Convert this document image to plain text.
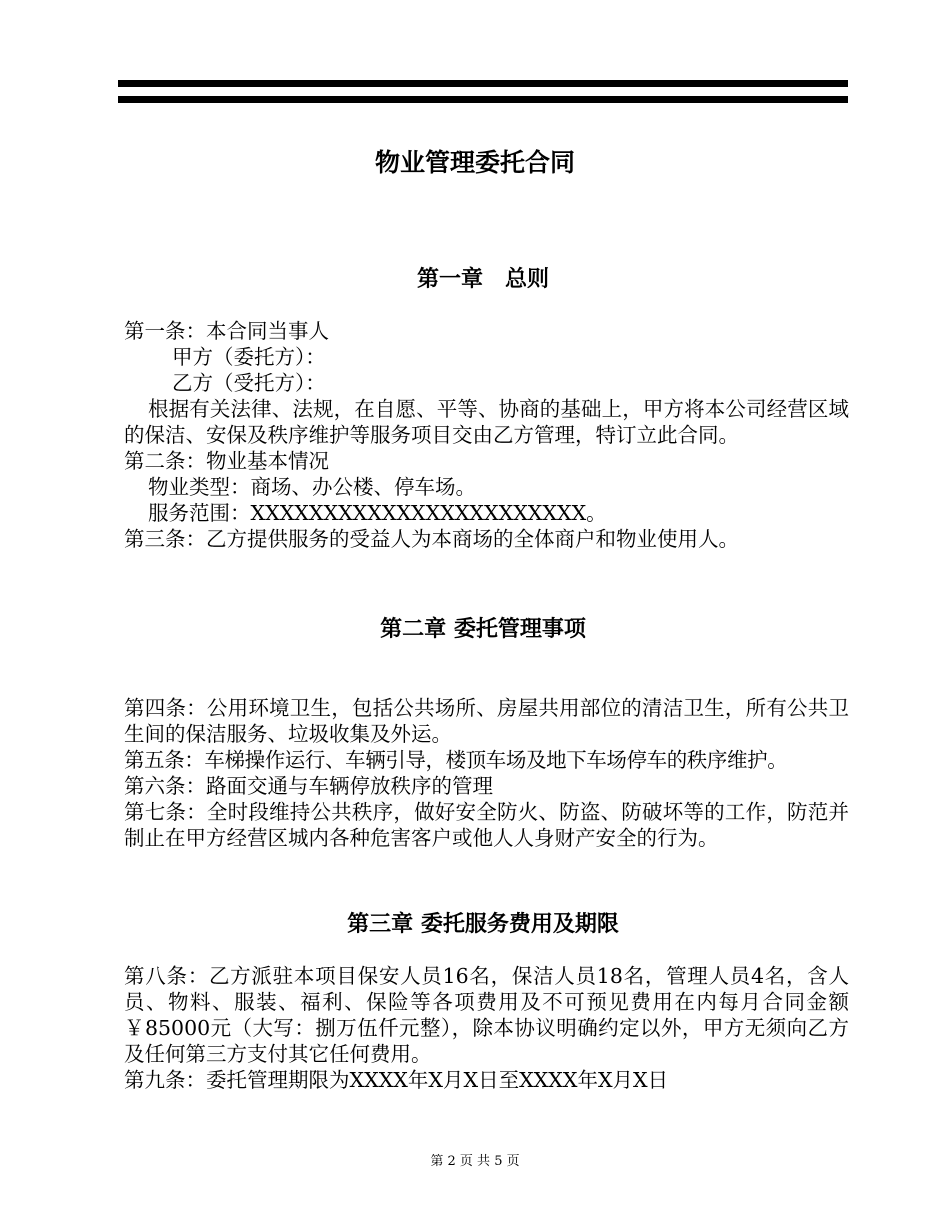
物业管理委托合同
第一章　总则

第一条：本合同当事人

甲方（委托方）：

乙方（受托方）：

根据有关法律、法规，在自愿、平等、协商的基础上，甲方将本公司经营区域的保洁、安保及秩序维护等服务项目交由乙方管理，特订立此合同。

第二条：物业基本情况

物业类型：商场、办公楼、停车场。

服务范围：XXXXXXXXXXXXXXXXXXXXXXX。

第三条：乙方提供服务的受益人为本商场的全体商户和物业使用人。

第二章 委托管理事项

第四条：公用环境卫生，包括公共场所、房屋共用部位的清洁卫生，所有公共卫生间的保洁服务、垃圾收集及外运。

第五条：车梯操作运行、车辆引导，楼顶车场及地下车场停车的秩序维护。

第六条：路面交通与车辆停放秩序的管理

第七条：全时段维持公共秩序，做好安全防火、防盗、防破坏等的工作，防范并制止在甲方经营区城内各种危害客户或他人人身财产安全的行为。

第三章 委托服务费用及期限

第八条：乙方派驻本项目保安人员16名，保洁人员18名，管理人员4名，含人员、物料、服装、福利、保险等各项费用及不可预见费用在内每月合同金额￥85000元（大写：捌万伍仟元整），除本协议明确约定以外，甲方无须向乙方及任何第三方支付其它任何费用。

第九条：委托管理期限为XXXX年X月X日至XXXX年X月X日

第 2 页 共 5 页
